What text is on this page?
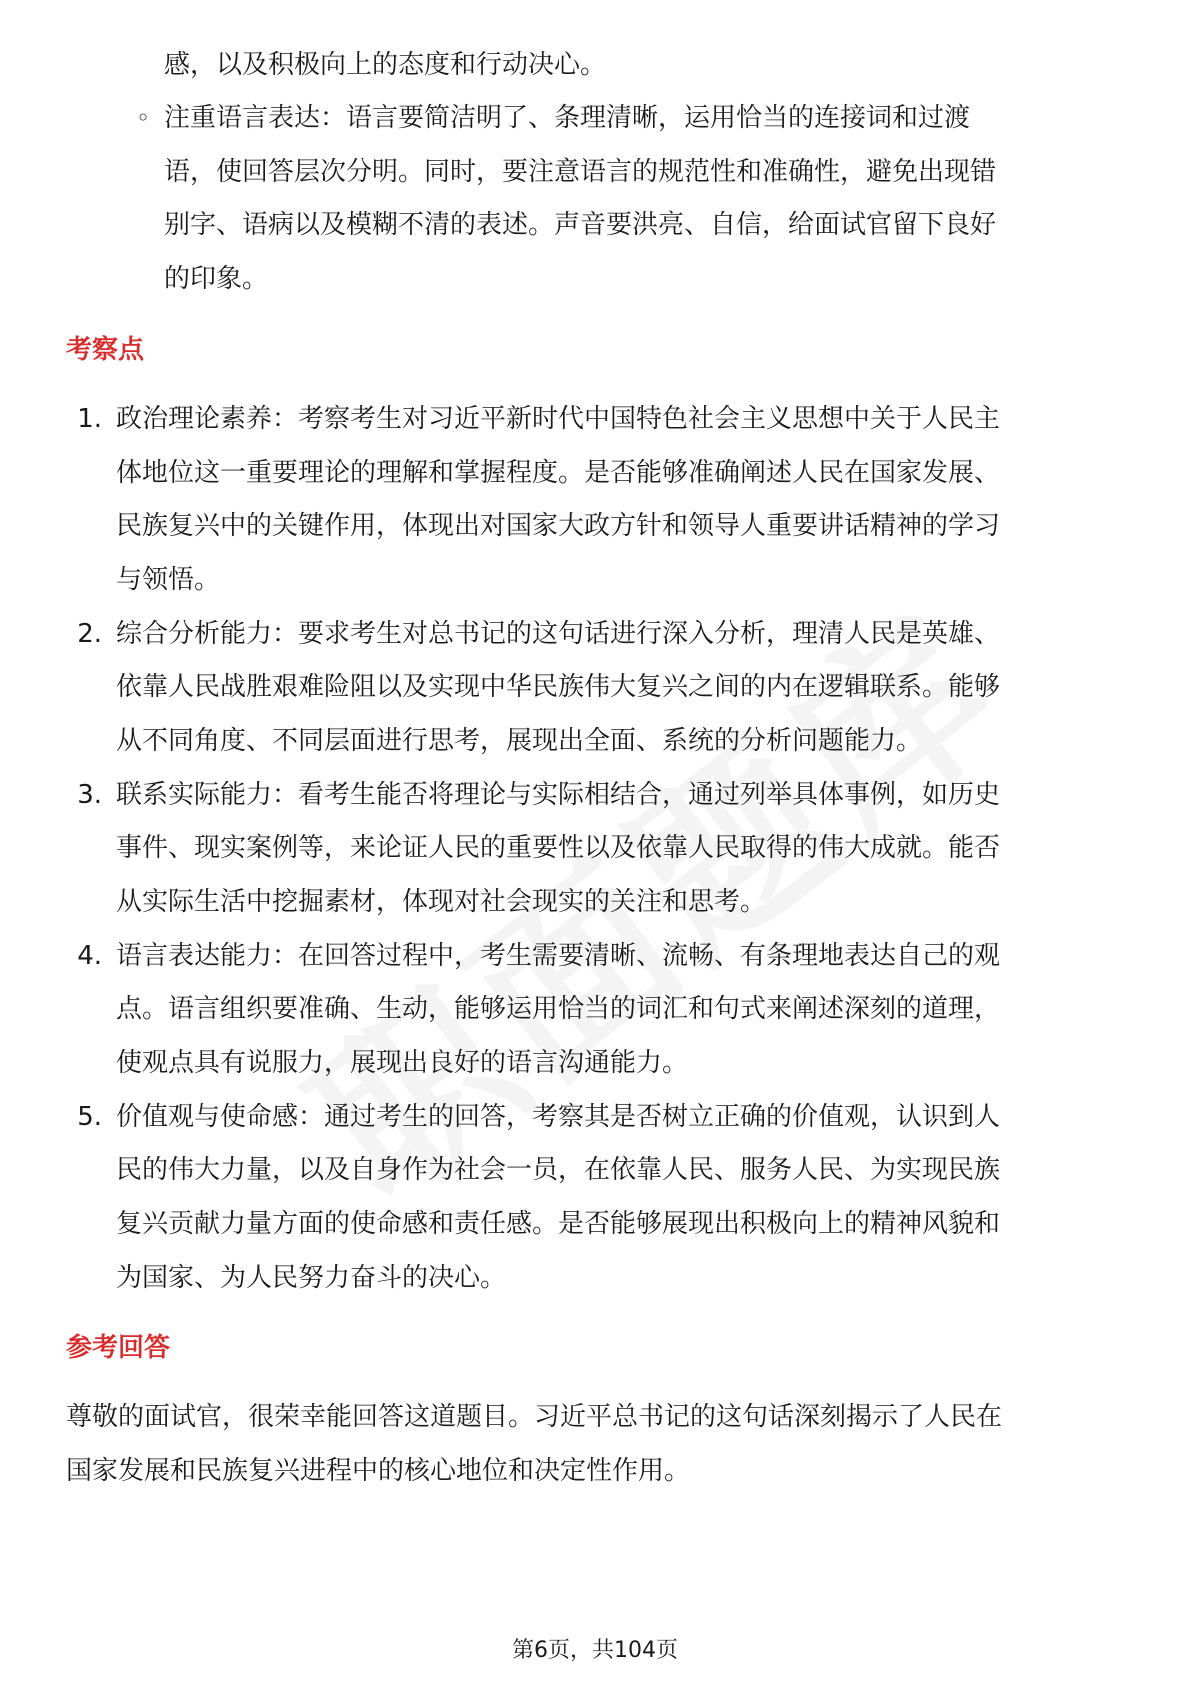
感，以及积极向上的态度和行动决心。
◦ 注重语言表达：语言要简洁明了、条理清晰，运用恰当的连接词和过渡
语，使回答层次分明。同时，要注意语言的规范性和准确性，避免出现错
别字、语病以及模糊不清的表述。声音要洪亮、自信，给面试官留下良好
的印象。
考察点
1. 政治理论素养：考察考生对习近平新时代中国特色社会主义思想中关于人民主
体地位这一重要理论的理解和掌握程度。是否能够准确阐述人民在国家发展、
民族复兴中的关键作用，体现出对国家大政方针和领导人重要讲话精神的学习
与领悟。
2. 综合分析能力：要求考生对总书记的这句话进行深入分析，理清人民是英雄、
依靠人民战胜艰难险阻以及实现中华民族伟大复兴之间的内在逻辑联系。能够
从不同角度、不同层面进行思考，展现出全面、系统的分析问题能力。
3. 联系实际能力：看考生能否将理论与实际相结合，通过列举具体事例，如历史
事件、现实案例等，来论证人民的重要性以及依靠人民取得的伟大成就。能否
从实际生活中挖掘素材，体现对社会现实的关注和思考。
4. 语言表达能力：在回答过程中，考生需要清晰、流畅、有条理地表达自己的观
点。语言组织要准确、生动，能够运用恰当的词汇和句式来阐述深刻的道理，
使观点具有说服力，展现出良好的语言沟通能力。
5. 价值观与使命感：通过考生的回答，考察其是否树立正确的价值观，认识到人
民的伟大力量，以及自身作为社会一员，在依靠人民、服务人民、为实现民族
复兴贡献力量方面的使命感和责任感。是否能够展现出积极向上的精神风貌和
为国家、为人民努力奋斗的决心。
参考回答
尊敬的面试官，很荣幸能回答这道题目。习近平总书记的这句话深刻揭示了人民在
国家发展和民族复兴进程中的核心地位和决定性作用。
第6页，共104页
